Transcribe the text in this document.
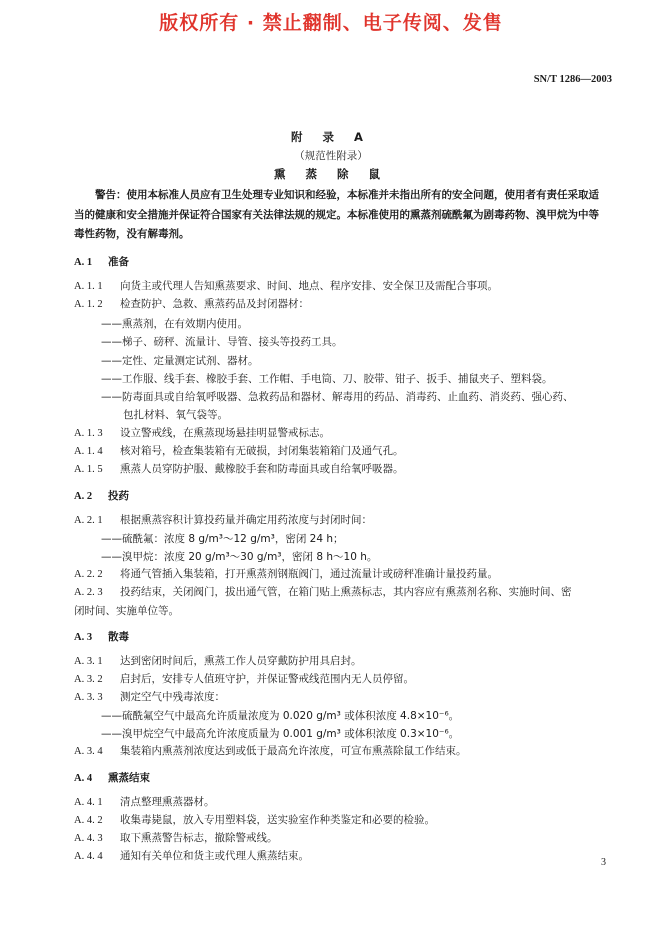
版权所有 · 禁止翻制、电子传阅、发售
SN/T 1286—2003
附 录 A
（规范性附录）
熏 蒸 除 鼠

警告：使用本标准人员应有卫生处理专业知识和经验，本标准并未指出所有的安全问题，使用者有责任采取适当的健康和安全措施并保证符合国家有关法律法规的规定。本标准使用的熏蒸剂硫酰氟为剧毒药物、溴甲烷为中等毒性药物，没有解毒剂。

A. 1 准备
A. 1. 1 向货主或代理人告知熏蒸要求、时间、地点、程序安排、安全保卫及需配合事项。
A. 1. 2 检查防护、急救、熏蒸药品及封闭器材：
——熏蒸剂，在有效期内使用。
——梯子、磅秤、流量计、导管、接头等投药工具。
——定性、定量测定试剂、器材。
——工作服、线手套、橡胶手套、工作帽、手电筒、刀、胶带、钳子、扳手、捕鼠夹子、塑料袋。
——防毒面具或自给氧呼吸器、急救药品和器材、解毒用的药品、消毒药、止血药、消炎药、强心药、
包扎材料、氧气袋等。
A. 1. 3 设立警戒线，在熏蒸现场悬挂明显警戒标志。
A. 1. 4 核对箱号，检查集装箱有无破损，封闭集装箱箱门及通气孔。
A. 1. 5 熏蒸人员穿防护服、戴橡胶手套和防毒面具或自给氧呼吸器。
A. 2 投药
A. 2. 1 根据熏蒸容积计算投药量并确定用药浓度与封闭时间：
——硫酰氟：浓度 8 g/m³～12 g/m³，密闭 24 h；
——溴甲烷：浓度 20 g/m³～30 g/m³，密闭 8 h～10 h。
A. 2. 2 将通气管插入集装箱，打开熏蒸剂钢瓶阀门，通过流量计或磅秤准确计量投药量。
A. 2. 3 投药结束，关闭阀门，拔出通气管，在箱门贴上熏蒸标志，其内容应有熏蒸剂名称、实施时间、密
闭时间、实施单位等。
A. 3 散毒
A. 3. 1 达到密闭时间后，熏蒸工作人员穿戴防护用具启封。
A. 3. 2 启封后，安排专人值班守护，并保证警戒线范围内无人员停留。
A. 3. 3 测定空气中残毒浓度：
——硫酰氟空气中最高允许质量浓度为 0.020 g/m³ 或体积浓度 4.8×10⁻⁶。
——溴甲烷空气中最高允许浓度质量为 0.001 g/m³ 或体积浓度 0.3×10⁻⁶。
A. 3. 4 集装箱内熏蒸剂浓度达到或低于最高允许浓度，可宣布熏蒸除鼠工作结束。
A. 4 熏蒸结束
A. 4. 1 清点整理熏蒸器材。
A. 4. 2 收集毒毙鼠，放入专用塑料袋，送实验室作种类鉴定和必要的检验。
A. 4. 3 取下熏蒸警告标志，撤除警戒线。
A. 4. 4 通知有关单位和货主或代理人熏蒸结束。
3
